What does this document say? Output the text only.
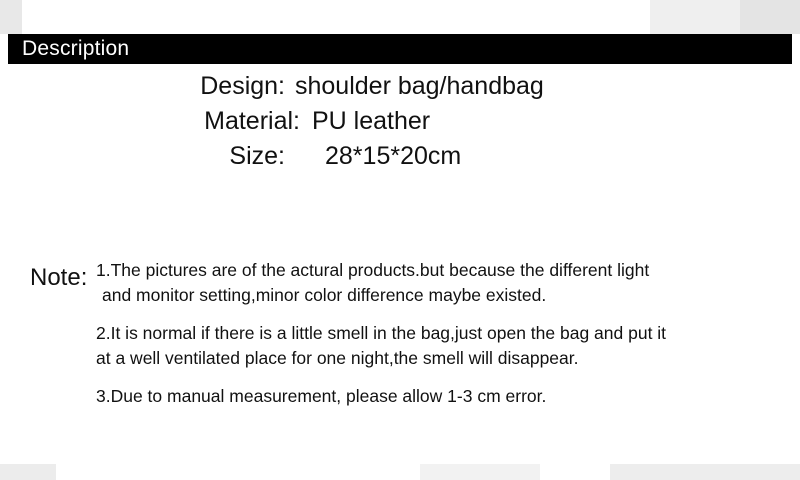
Description
Design: shoulder bag/handbag
Material: PU leather
Size: 28*15*20cm
Note: 1.The pictures are of the actural products.but because the different light
and monitor setting,minor color difference maybe existed.
2.It is normal if there is a little smell in the bag,just open the bag and put it
at a well ventilated place for one night,the smell will disappear.
3.Due to manual measurement, please allow 1-3 cm error.
